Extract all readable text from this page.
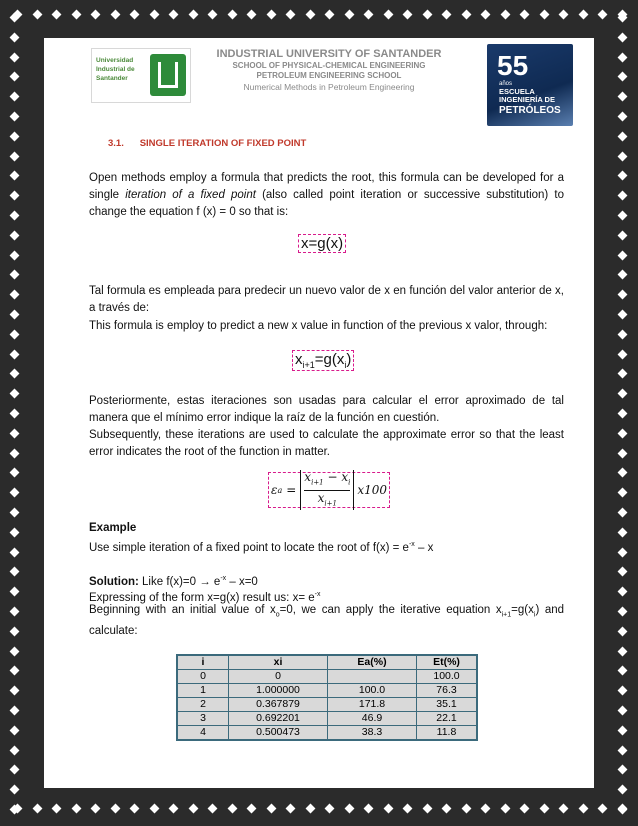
Universidad
Industrial de
Santander
INDUSTRIAL UNIVERSITY OF SANTANDER
SCHOOL OF PHYSICAL-CHEMICAL ENGINEERING
PETROLEUM ENGINEERING SCHOOL
Numerical Methods in Petroleum Engineering
55
años
ESCUELA
INGENIERÍA DE
PETRÓLEOS
3.1. SINGLE ITERATION OF FIXED POINT
Open methods employ a formula that predicts the root, this formula can be developed for a single iteration of a fixed point (also called point iteration or successive substitution) to change the equation f (x) = 0 so that is:
x=g(x)
Tal formula es empleada para predecir un nuevo valor de x en función del valor anterior de x, a través de:
This formula is employ to predict a new x value in function of the previous x valor, through:
$x_{i+1}=g(x_i)$
Posteriormente, estas iteraciones son usadas para calcular el error aproximado de tal manera que el mínimo error indique la raíz de la función en cuestión.
Subsequently, these iterations are used to calculate the approximate error so that the least error indicates the root of the function in matter.
ε $a = \frac{x_{i+1} - x_i}{x_{i+1}} x100$
Example
Use simple iteration of a fixed point to locate the root of $f(x) = e^{-x} - x$
Solution: Like $f(x)=0 \to e^{-x} - x=0$
Expressing of the form x=g(x) result us: $x= e^{-x}$
Beginning with an initial value of $x_o=0$, we can apply the iterative equation $x_{i+1}=g(x_i)$ and calculate:
i	xi	Ea(%)	Et(%)
0	0		100.0
1	1.000000	100.0	76.3
2	0.367879	171.8	35.1
3	0.692201	46.9	22.1
4	0.500473	38.3	11.8
